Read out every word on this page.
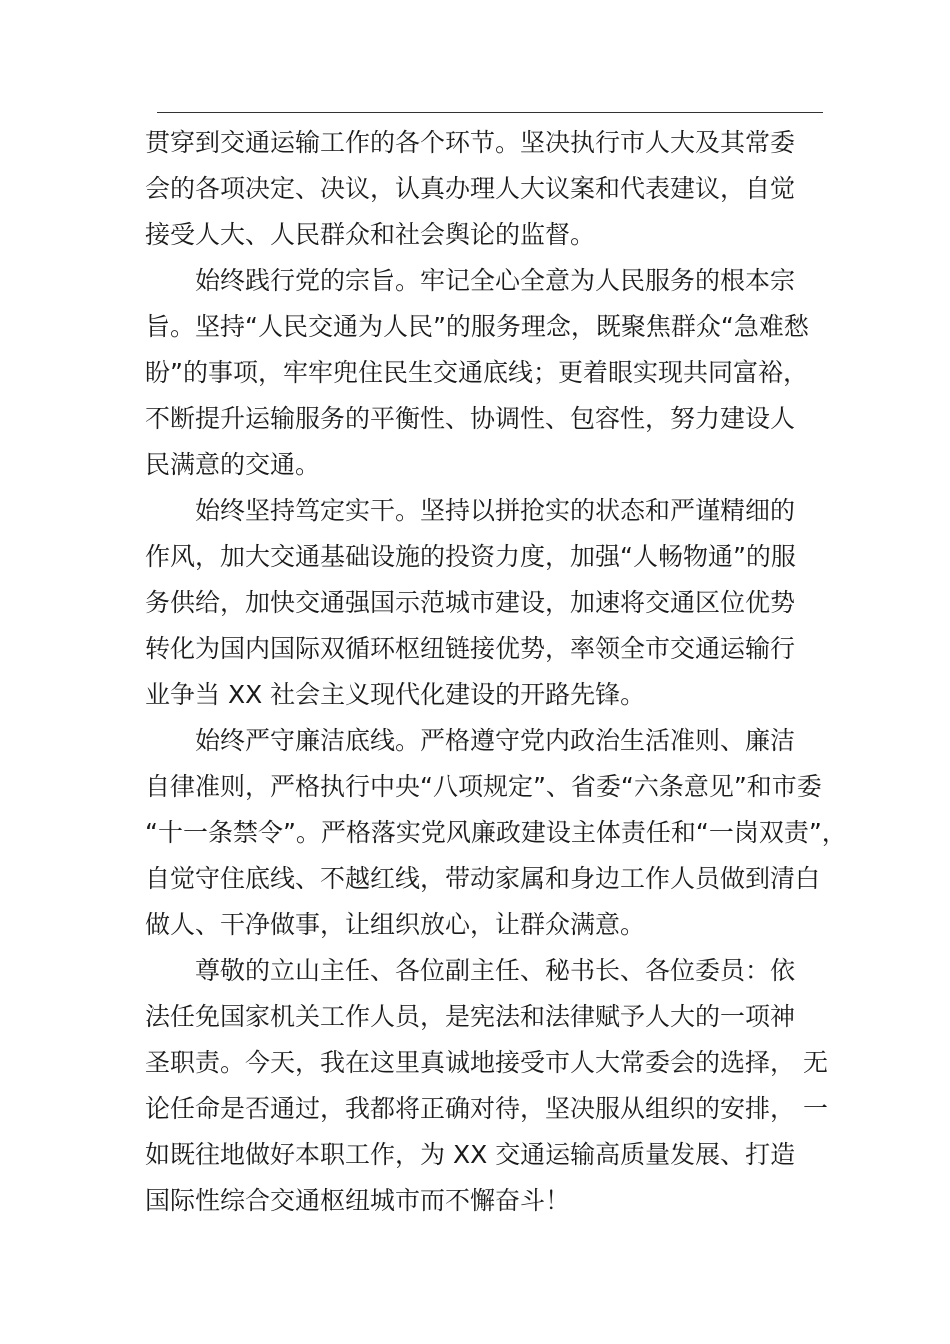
贯穿到交通运输工作的各个环节。坚决执行市人大及其常委
会的各项决定、决议，认真办理人大议案和代表建议，自觉
接受人大、人民群众和社会舆论的监督。
始终践行党的宗旨。牢记全心全意为人民服务的根本宗
旨。坚持“人民交通为人民”的服务理念，既聚焦群众“急难愁
盼”的事项，牢牢兜住民生交通底线；更着眼实现共同富裕，
不断提升运输服务的平衡性、协调性、包容性，努力建设人
民满意的交通。
始终坚持笃定实干。坚持以拼抢实的状态和严谨精细的
作风，加大交通基础设施的投资力度，加强“人畅物通”的服
务供给，加快交通强国示范城市建设，加速将交通区位优势
转化为国内国际双循环枢纽链接优势，率领全市交通运输行
业争当 XX 社会主义现代化建设的开路先锋。
始终严守廉洁底线。严格遵守党内政治生活准则、廉洁
自律准则，严格执行中央“八项规定”、省委“六条意见”和市委
“十一条禁令”。严格落实党风廉政建设主体责任和“一岗双责”，
自觉守住底线、不越红线，带动家属和身边工作人员做到清白
做人、干净做事，让组织放心，让群众满意。
尊敬的立山主任、各位副主任、秘书长、各位委员：依
法任免国家机关工作人员，是宪法和法律赋予人大的一项神
圣职责。今天，我在这里真诚地接受市人大常委会的选择， 无
论任命是否通过，我都将正确对待，坚决服从组织的安排， 一
如既往地做好本职工作，为 XX 交通运输高质量发展、打造
国际性综合交通枢纽城市而不懈奋斗！
